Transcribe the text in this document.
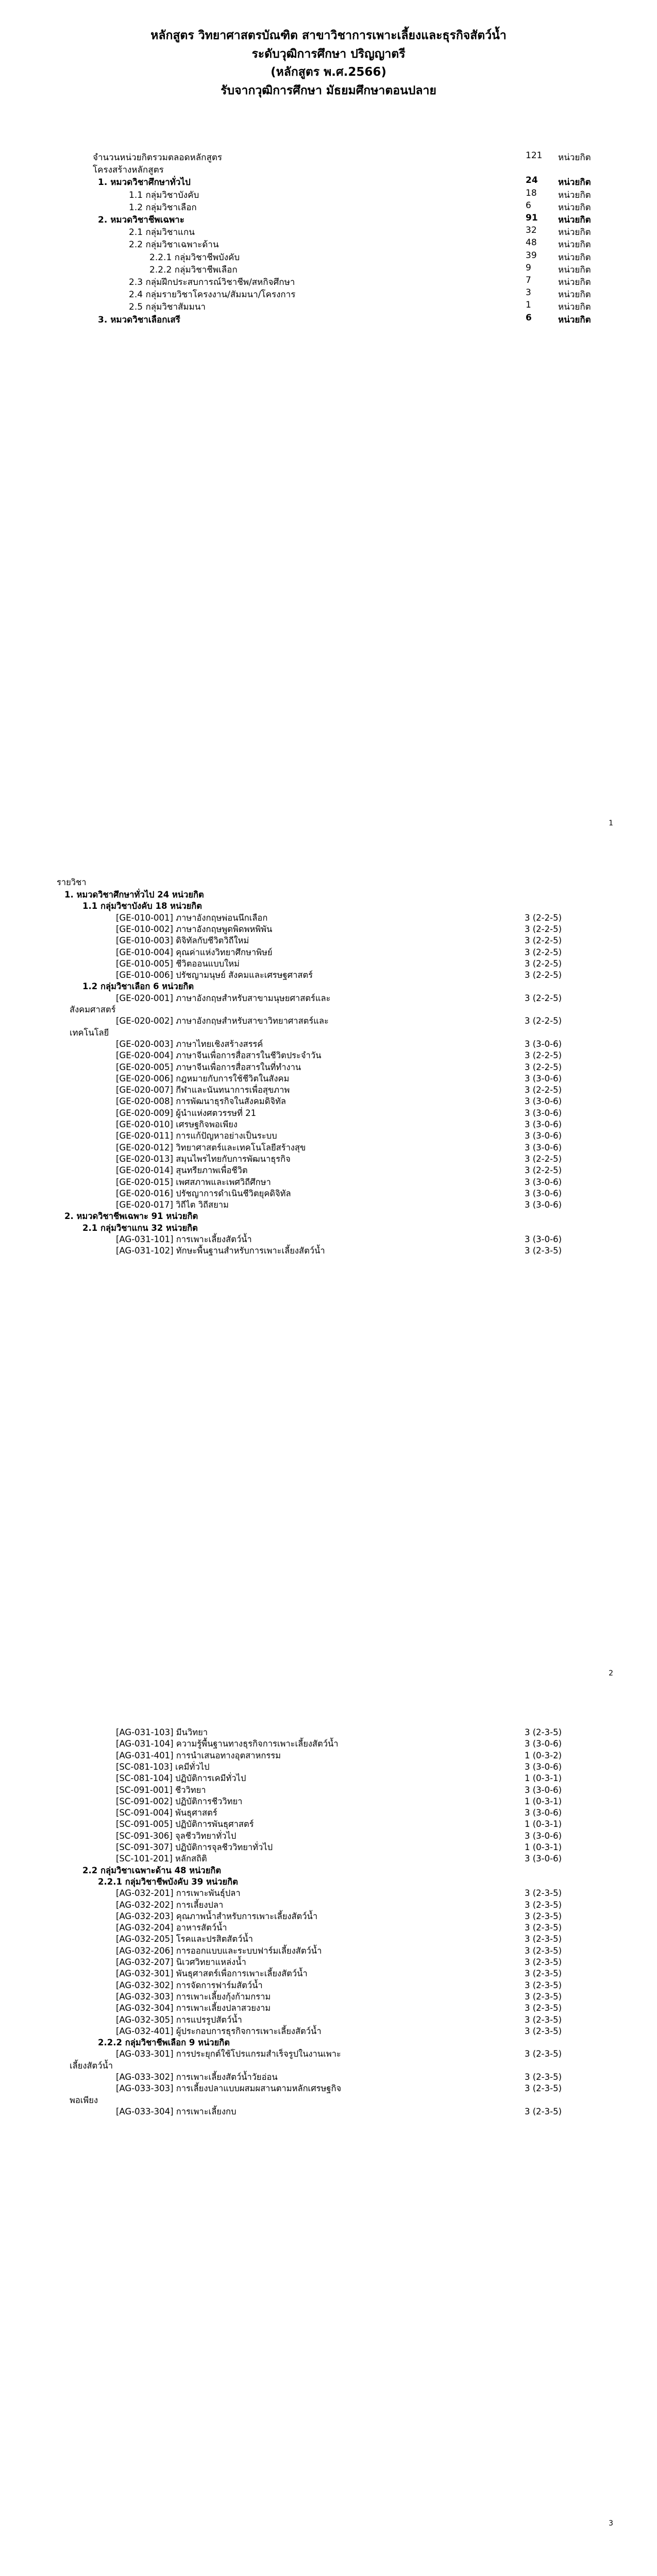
หลักสูตร วิทยาศาสตรบัณฑิต สาขาวิชาการเพาะเลี้ยงและธุรกิจสัตว์น้ำ
ระดับวุฒิการศึกษา ปริญญาตรี
(หลักสูตร พ.ศ.2566)
รับจากวุฒิการศึกษา มัธยมศึกษาตอนปลาย
จำนวนหน่วยกิตรวมตลอดหลักสูตร	121	หน่วยกิต
โครงสร้างหลักสูตร
1. หมวดวิชาศึกษาทั่วไป	24	หน่วยกิต
1.1 กลุ่มวิชาบังคับ	18	หน่วยกิต
1.2 กลุ่มวิชาเลือก	6	หน่วยกิต
2. หมวดวิชาชีพเฉพาะ	91	หน่วยกิต
2.1 กลุ่มวิชาแกน	32	หน่วยกิต
2.2 กลุ่มวิชาเฉพาะด้าน	48	หน่วยกิต
2.2.1 กลุ่มวิชาชีพบังคับ	39	หน่วยกิต
2.2.2 กลุ่มวิชาชีพเลือก	9	หน่วยกิต
2.3 กลุ่มฝึกประสบการณ์วิชาชีพ/สหกิจศึกษา	7	หน่วยกิต
2.4 กลุ่มรายวิชาโครงงาน/สัมมนา/โครงการ	3	หน่วยกิต
2.5 กลุ่มวิชาสัมมนา	1	หน่วยกิต
3. หมวดวิชาเลือกเสรี	6	หน่วยกิต
1
รายวิชา
1. หมวดวิชาศึกษาทั่วไป 24 หน่วยกิต
1.1 กลุ่มวิชาบังคับ 18 หน่วยกิต
[GE-010-001] ภาษาอังกฤษพ่อนนึกเลือก	3 (2-2-5)
[GE-010-002] ภาษาอังกฤษพูดพิดพหพิพัน	3 (2-2-5)
[GE-010-003] ดิจิทัลกับชีวิตวิถีใหม่	3 (2-2-5)
[GE-010-004] คุณค่าแห่งวิทยาศึกษาพิษย์	3 (2-2-5)
[GE-010-005] ชีวิตออนแบบใหม่	3 (2-2-5)
[GE-010-006] ปรัชญามนุษย์ สังคมและเศรษฐศาสตร์	3 (2-2-5)
1.2 กลุ่มวิชาเลือก 6 หน่วยกิต
[GE-020-001] ภาษาอังกฤษสำหรับสาขามนุษยศาสตร์และ	3 (2-2-5)
สังคมศาสตร์
[GE-020-002] ภาษาอังกฤษสำหรับสาขาวิทยาศาสตร์และ	3 (2-2-5)
เทคโนโลยี
[GE-020-003] ภาษาไทยเชิงสร้างสรรค์	3 (3-0-6)
[GE-020-004] ภาษาจีนเพื่อการสื่อสารในชีวิตประจำวัน	3 (2-2-5)
[GE-020-005] ภาษาจีนเพื่อการสื่อสารในที่ทำงาน	3 (2-2-5)
[GE-020-006] กฎหมายกับการใช้ชีวิตในสังคม	3 (3-0-6)
[GE-020-007] กีฬาและนันทนาการเพื่อสุขภาพ	3 (2-2-5)
[GE-020-008] การพัฒนาธุรกิจในสังคมดิจิทัล	3 (3-0-6)
[GE-020-009] ผู้นำแห่งศตวรรษที่ 21	3 (3-0-6)
[GE-020-010] เศรษฐกิจพอเพียง	3 (3-0-6)
[GE-020-011] การแก้ปัญหาอย่างเป็นระบบ	3 (3-0-6)
[GE-020-012] วิทยาศาสตร์และเทคโนโลยีสร้างสุข	3 (3-0-6)
[GE-020-013] สมุนไพรไทยกับการพัฒนาธุรกิจ	3 (2-2-5)
[GE-020-014] สุนทรียภาพเพื่อชีวิต	3 (2-2-5)
[GE-020-015] เพศสภาพและเพศวิถีศึกษา	3 (3-0-6)
[GE-020-016] ปรัชญาการดำเนินชีวิตยุคดิจิทัล	3 (3-0-6)
[GE-020-017] วิถีไต วิถีสยาม	3 (3-0-6)
2. หมวดวิชาชีพเฉพาะ 91 หน่วยกิต
2.1 กลุ่มวิชาแกน 32 หน่วยกิต
[AG-031-101] การเพาะเลี้ยงสัตว์น้ำ	3 (3-0-6)
[AG-031-102] ทักษะพื้นฐานสำหรับการเพาะเลี้ยงสัตว์น้ำ	3 (2-3-5)
2
[AG-031-103] มีนวิทยา	3 (2-3-5)
[AG-031-104] ความรู้พื้นฐานทางธุรกิจการเพาะเลี้ยงสัตว์น้ำ	3 (3-0-6)
[AG-031-401] การนำเสนอทางอุตสาหกรรม	1 (0-3-2)
[SC-081-103] เคมีทั่วไป	3 (3-0-6)
[SC-081-104] ปฏิบัติการเคมีทั่วไป	1 (0-3-1)
[SC-091-001] ชีววิทยา	3 (3-0-6)
[SC-091-002] ปฏิบัติการชีววิทยา	1 (0-3-1)
[SC-091-004] พันธุศาสตร์	3 (3-0-6)
[SC-091-005] ปฏิบัติการพันธุศาสตร์	1 (0-3-1)
[SC-091-306] จุลชีววิทยาทั่วไป	3 (3-0-6)
[SC-091-307] ปฏิบัติการจุลชีววิทยาทั่วไป	1 (0-3-1)
[SC-101-201] หลักสถิติ	3 (3-0-6)
2.2 กลุ่มวิชาเฉพาะด้าน 48 หน่วยกิต
2.2.1 กลุ่มวิชาชีพบังคับ 39 หน่วยกิต
[AG-032-201] การเพาะพันธุ์ปลา	3 (2-3-5)
[AG-032-202] การเลี้ยงปลา	3 (2-3-5)
[AG-032-203] คุณภาพน้ำสำหรับการเพาะเลี้ยงสัตว์น้ำ	3 (2-3-5)
[AG-032-204] อาหารสัตว์น้ำ	3 (2-3-5)
[AG-032-205] โรคและปรสิตสัตว์น้ำ	3 (2-3-5)
[AG-032-206] การออกแบบและระบบฟาร์มเลี้ยงสัตว์น้ำ	3 (2-3-5)
[AG-032-207] นิเวศวิทยาแหล่งน้ำ	3 (2-3-5)
[AG-032-301] พันธุศาสตร์เพื่อการเพาะเลี้ยงสัตว์น้ำ	3 (2-3-5)
[AG-032-302] การจัดการฟาร์มสัตว์น้ำ	3 (2-3-5)
[AG-032-303] การเพาะเลี้ยงกุ้งก้ามกราม	3 (2-3-5)
[AG-032-304] การเพาะเลี้ยงปลาสวยงาม	3 (2-3-5)
[AG-032-305] การแปรรูปสัตว์น้ำ	3 (2-3-5)
[AG-032-401] ผู้ประกอบการธุรกิจการเพาะเลี้ยงสัตว์น้ำ	3 (2-3-5)
2.2.2 กลุ่มวิชาชีพเลือก 9 หน่วยกิต
[AG-033-301] การประยุกต์ใช้โปรแกรมสำเร็จรูปในงานเพาะ	3 (2-3-5)
เลี้ยงสัตว์น้ำ
[AG-033-302] การเพาะเลี้ยงสัตว์น้ำวัยอ่อน	3 (2-3-5)
[AG-033-303] การเลี้ยงปลาแบบผสมผสานตามหลักเศรษฐกิจ	3 (2-3-5)
พอเพียง
[AG-033-304] การเพาะเลี้ยงกบ	3 (2-3-5)
3
